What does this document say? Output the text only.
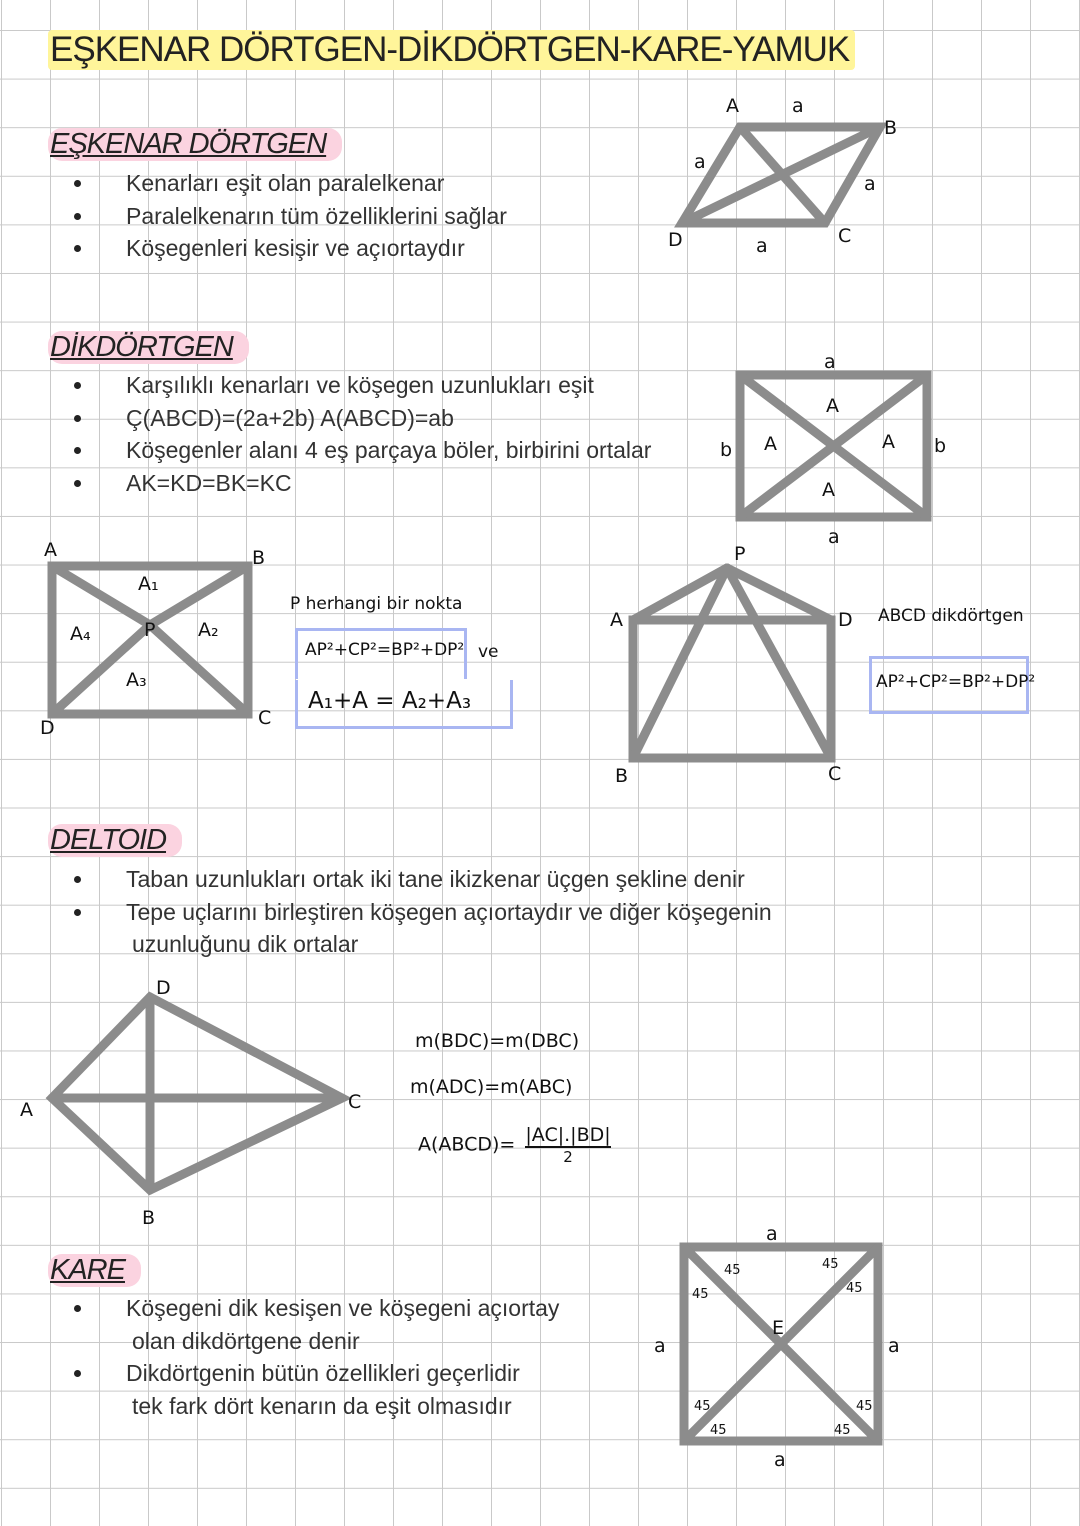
EŞKENAR DÖRTGEN-DİKDÖRTGEN-KARE-YAMUK
EŞKENAR DÖRTGEN
Kenarları eşit olan paralelkenar
Paralelkenarın tüm özelliklerini sağlar
Köşegenleri kesişir ve açıortaydır
DİKDÖRTGEN
Karşılıklı kenarları ve köşegen uzunlukları eşit
Ç(ABCD)=(2a+2b) A(ABCD)=ab
Köşegenler alanı 4 eş parçaya böler, birbirini ortalar
AK=KD=BK=KC
DELTOID
Taban uzunlukları ortak iki tane ikizkenar üçgen şekline denir
Tepe uçlarını birleştiren köşegen açıortaydır ve diğer köşegenin
uzunluğunu dik ortalar
KARE
Köşegeni dik kesişen ve köşegeni açıortay
olan dikdörtgene denir
Dikdörtgenin bütün özellikleri geçerlidir
tek fark dört kenarın da eşit olmasıdır
A
B
C
D
a
a
a
a
a
a
b	b
A
A	A
A
A	B
C
D
P
A₁
A₂
A₃
A₄
A
B	C
D
P
A
B
C
D
a
a
a	a
E
45
45
45
45
45
45
45
45
P herhangi bir nokta
AP²+CP²=BP²+DP² ve
A₁+A = A₂+A₃
ABCD dikdörtgen
AP²+CP²=BP²+DP²
m(BDC)=m(DBC)
m(ADC)=m(ABC)
A(ABCD)= |AC|.|BD|
2
